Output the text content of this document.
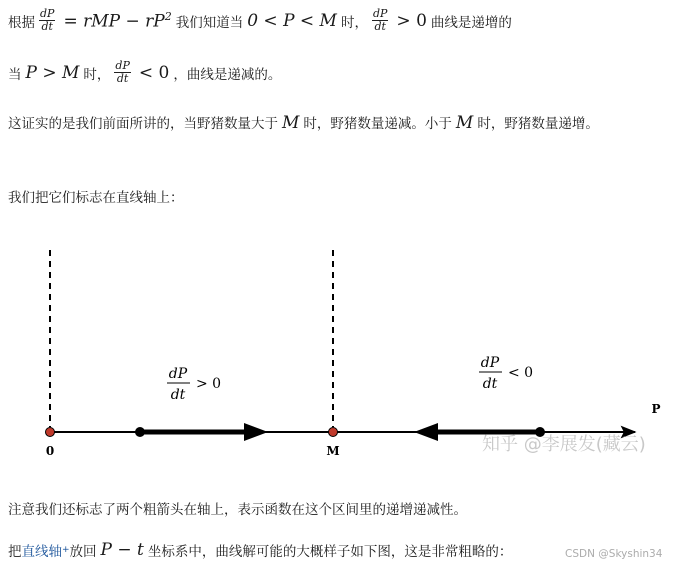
根据 $\frac{dP}{dt}$ = rMP − $rP^2$ 我们知道当 0 < P < M 时， $\frac{dP}{dt} > 0$ 曲线是递增的
当 P > M 时， $\frac{dP}{dt} < 0$ ，曲线是递减的。
这证实的是我们前面所讲的，当野猪数量大于 M 时，野猪数量递减。小于 M 时，野猪数量递增。
我们把它们标志在直线轴上：
0	M
P
dP
dt
> 0
dP
dt
< 0
知乎 @李展发(藏云)
注意我们还标志了两个粗箭头在轴上，表示函数在这个区间里的递增递减性。
把 直线轴 + 放回 P − t 坐标系中，曲线解可能的大概样子如下图，这是非常粗略的：	CSDN @Skyshin34
